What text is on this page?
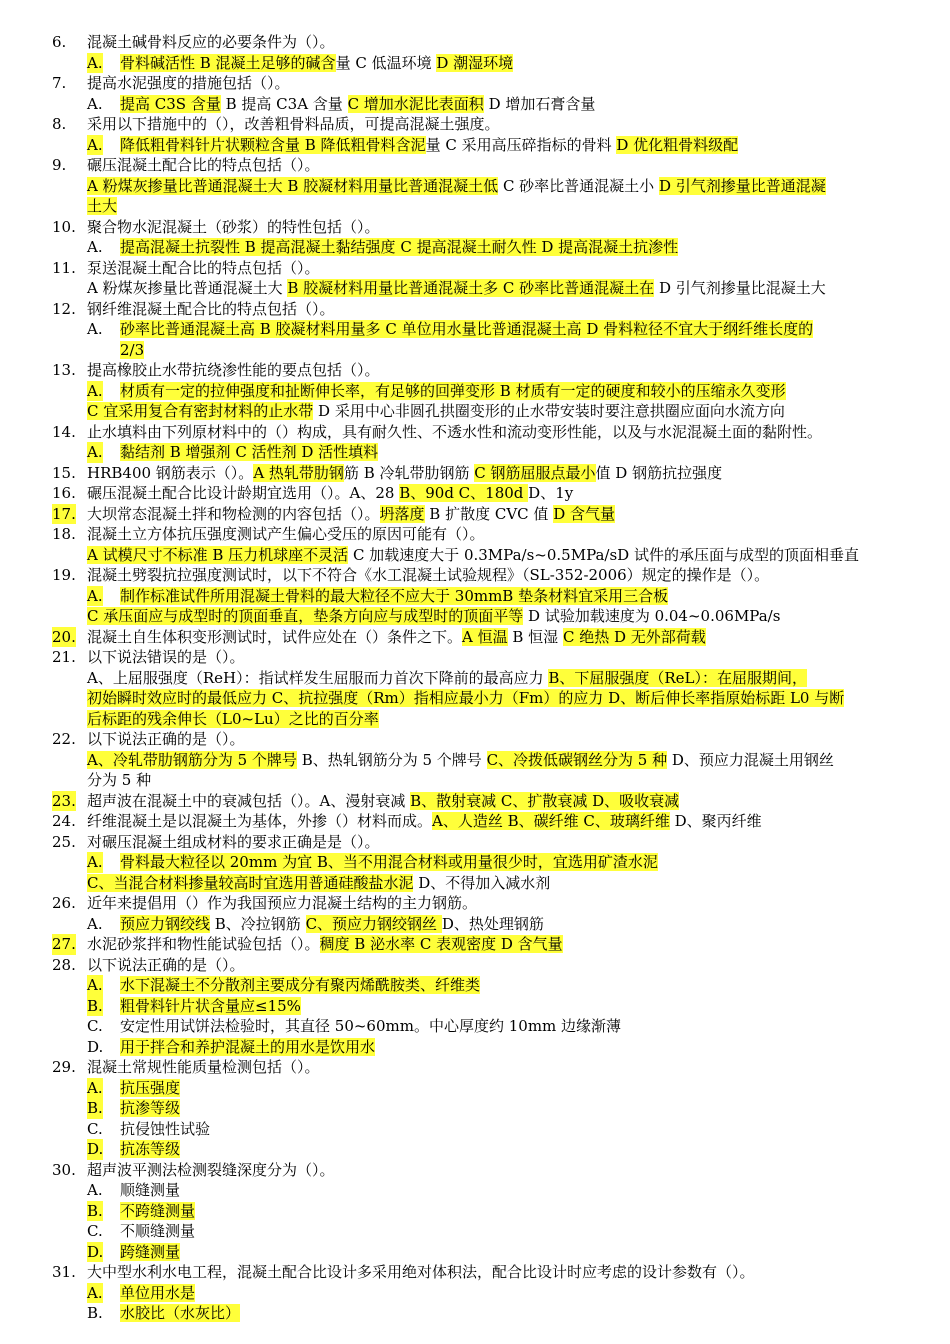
6. 混凝土碱骨料反应的必要条件为（）。
A. 骨料碱活性 B 混凝土足够的碱含量 C 低温环境 D 潮湿环境
7. 提高水泥强度的措施包括（）。
A. 提高 C3S 含量 B 提高 C3A 含量 C 增加水泥比表面积 D 增加石膏含量
8. 采用以下措施中的（），改善粗骨料品质，可提高混凝土强度。
A. 降低粗骨料针片状颗粒含量 B 降低粗骨料含泥量 C 采用高压碎指标的骨料 D 优化粗骨料级配
9. 碾压混凝土配合比的特点包括（）。
A 粉煤灰掺量比普通混凝土大 B 胶凝材料用量比普通混凝土低 C 砂率比普通混凝土小 D 引气剂掺量比普通混凝
土大
10. 聚合物水泥混凝土（砂浆）的特性包括（）。
A. 提高混凝土抗裂性 B 提高混凝土黏结强度 C 提高混凝土耐久性 D 提高混凝土抗渗性
11. 泵送混凝土配合比的特点包括（）。
A 粉煤灰掺量比普通混凝土大 B 胶凝材料用量比普通混凝土多 C 砂率比普通混凝土在 D 引气剂掺量比混凝土大
12. 钢纤维混凝土配合比的特点包括（）。
A. 砂率比普通混凝土高 B 胶凝材料用量多 C 单位用水量比普通混凝土高 D 骨料粒径不宜大于纲纤维长度的
2/3
13. 提高橡胶止水带抗绕渗性能的要点包括（）。
A. 材质有一定的拉伸强度和扯断伸长率，有足够的回弹变形 B 材质有一定的硬度和较小的压缩永久变形
C 宜采用复合有密封材料的止水带 D 采用中心非圆孔拱圈变形的止水带安装时要注意拱圈应面向水流方向
14. 止水填料由下列原材料中的（）构成，具有耐久性、不透水性和流动变形性能，以及与水泥混凝土面的黏附性。
A. 黏结剂 B 增强剂 C 活性剂 D 活性填料
15. HRB400 钢筋表示（）。A 热轧带肋钢筋 B 冷轧带肋钢筋 C 钢筋屈服点最小值 D 钢筋抗拉强度
16. 碾压混凝土配合比设计龄期宜选用（）。A、28 B、90d C、180d D、1y
17. 大坝常态混凝土拌和物检测的内容包括（）。坍落度 B 扩散度 CVC 值 D 含气量
18. 混凝土立方体抗压强度测试产生偏心受压的原因可能有（）。
A 试模尺寸不标准 B 压力机球座不灵活 C 加载速度大于 0.3MPa/s~0.5MPa/sD 试件的承压面与成型的顶面相垂直
19. 混凝土劈裂抗拉强度测试时，以下不符合《水工混凝土试验规程》（SL-352-2006）规定的操作是（）。
A. 制作标准试件所用混凝土骨料的最大粒径不应大于 30mmB 垫条材料宜采用三合板
C 承压面应与成型时的顶面垂直，垫条方向应与成型时的顶面平等 D 试验加载速度为 0.04~0.06MPa/s
20. 混凝土自生体积变形测试时，试件应处在（）条件之下。A 恒温 B 恒湿 C 绝热 D 无外部荷载
21. 以下说法错误的是（）。
A、上屈服强度（ReH）：指试样发生屈服而力首次下降前的最高应力 B、下屈服强度（ReL）：在屈服期间，
初始瞬时效应时的最低应力 C、抗拉强度（Rm）指相应最小力（Fm）的应力 D、断后伸长率指原始标距 L0 与断
后标距的残余伸长（L0~Lu）之比的百分率
22. 以下说法正确的是（）。
A、冷轧带肋钢筋分为 5 个牌号 B、热轧钢筋分为 5 个牌号 C、冷拨低碳钢丝分为 5 种 D、预应力混凝土用钢丝
分为 5 种
23. 超声波在混凝土中的衰减包括（）。A、漫射衰减 B、散射衰减 C、扩散衰减 D、吸收衰减
24. 纤维混凝土是以混凝土为基体，外掺（）材料而成。A、人造丝 B、碳纤维 C、玻璃纤维 D、聚丙纤维
25. 对碾压混凝土组成材料的要求正确是是（）。
A. 骨料最大粒径以 20mm 为宜 B、当不用混合材料或用量很少时，宜选用矿渣水泥
C、当混合材料掺量较高时宜选用普通硅酸盐水泥 D、不得加入减水剂
26. 近年来提倡用（）作为我国预应力混凝土结构的主力钢筋。
A. 预应力钢绞线 B、冷拉钢筋 C、预应力钢绞钢丝 D、热处理钢筋
27. 水泥砂浆拌和物性能试验包括（）。稠度 B 泌水率 C 表观密度 D 含气量
28. 以下说法正确的是（）。
A. 水下混凝土不分散剂主要成分有聚丙烯酰胺类、纤维类
B. 粗骨料针片状含量应≤15%
C. 安定性用试饼法检验时，其直径 50~60mm。中心厚度约 10mm 边缘渐薄
D. 用于拌合和养护混凝土的用水是饮用水
29. 混凝土常规性能质量检测包括（）。
A. 抗压强度
B. 抗渗等级
C. 抗侵蚀性试验
D. 抗冻等级
30. 超声波平测法检测裂缝深度分为（）。
A. 顺缝测量
B. 不跨缝测量
C. 不顺缝测量
D. 跨缝测量
31. 大中型水利水电工程，混凝土配合比设计多采用绝对体积法，配合比设计时应考虑的设计参数有（）。
A. 单位用水是
B. 水胶比（水灰比）
